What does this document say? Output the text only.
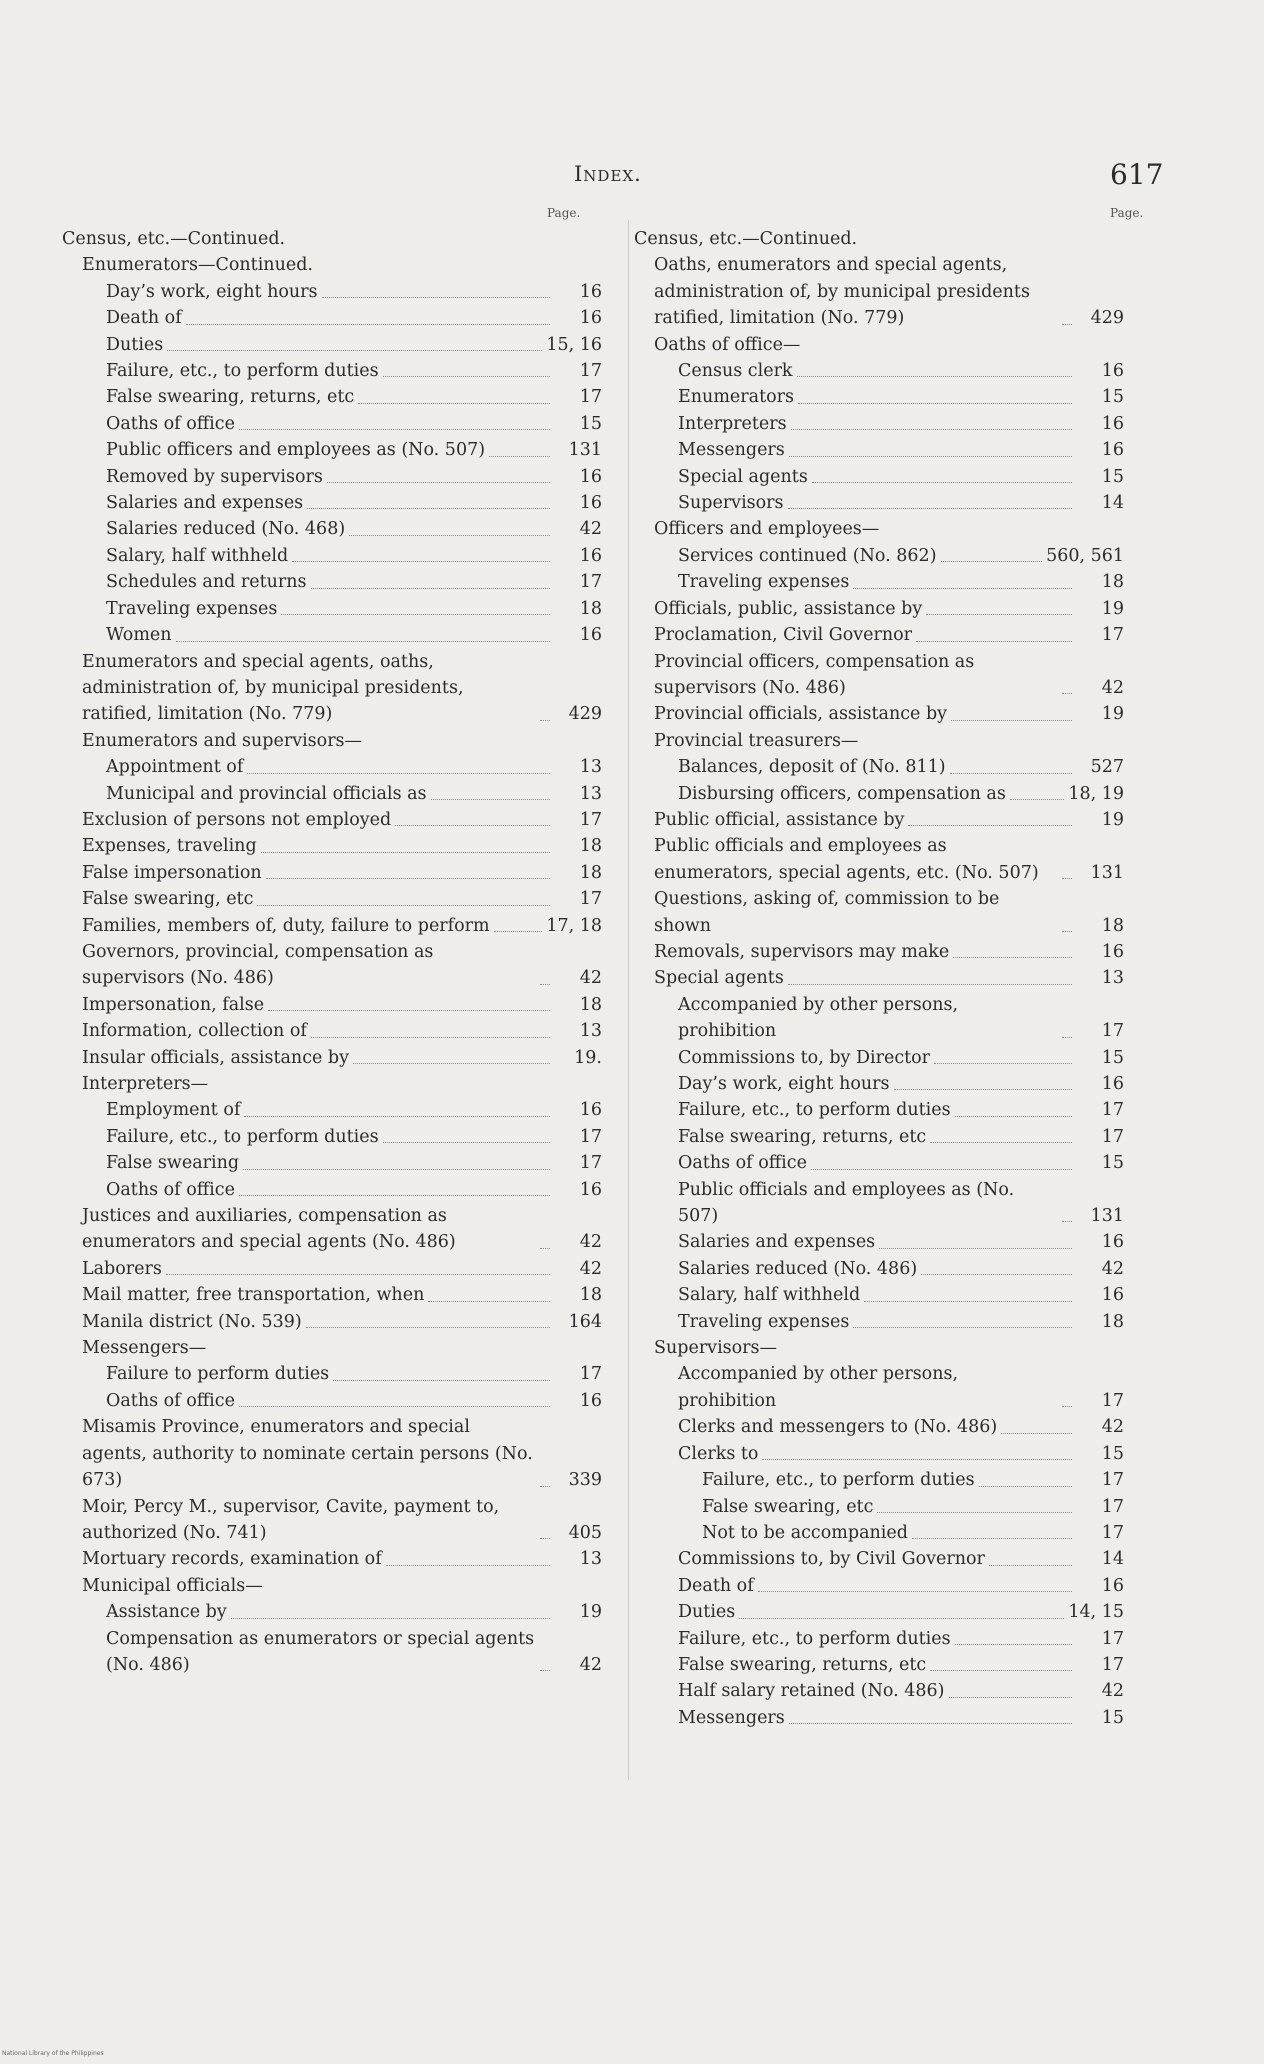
Index.	617
Page.
Census, etc.—Continued.
Enumerators—Continued.
Day’s work, eight hours	16
Death of	16
Duties	15, 16
Failure, etc., to perform duties	17
False swearing, returns, etc	17
Oaths of office	15
Public officers and employees as (No. 507)	131
Removed by supervisors	16
Salaries and expenses	16
Salaries reduced (No. 468)	42
Salary, half withheld	16
Schedules and returns	17
Traveling expenses	18
Women	16
Enumerators and special agents, oaths, administration of, by municipal presidents, ratified, limitation (No. 779)	429
Enumerators and supervisors—
Appointment of	13
Municipal and provincial officials as	13
Exclusion of persons not employed	17
Expenses, traveling	18
False impersonation	18
False swearing, etc	17
Families, members of, duty, failure to perform	17, 18
Governors, provincial, compensation as supervisors (No. 486)	42
Impersonation, false	18
Information, collection of	13
Insular officials, assistance by	19.
Interpreters—
Employment of	16
Failure, etc., to perform duties	17
False swearing	17
Oaths of office	16
Justices and auxiliaries, compensation as enumerators and special agents (No. 486)	42
Laborers	42
Mail matter, free transportation, when	18
Manila district (No. 539)	164
Messengers—
Failure to perform duties	17
Oaths of office	16
Misamis Province, enumerators and special agents, authority to nominate certain persons (No. 673)	339
Moir, Percy M., supervisor, Cavite, payment to, authorized (No. 741)	405
Mortuary records, examination of	13
Municipal officials—
Assistance by	19
Compensation as enumerators or special agents (No. 486)	42
Page.
Census, etc.—Continued.
Oaths, enumerators and special agents, administration of, by municipal presidents ratified, limitation (No. 779)	429
Oaths of office—
Census clerk	16
Enumerators	15
Interpreters	16
Messengers	16
Special agents	15
Supervisors	14
Officers and employees—
Services continued (No. 862)	560, 561
Traveling expenses	18
Officials, public, assistance by	19
Proclamation, Civil Governor	17
Provincial officers, compensation as supervisors (No. 486)	42
Provincial officials, assistance by	19
Provincial treasurers—
Balances, deposit of (No. 811)	527
Disbursing officers, compensation as	18, 19
Public official, assistance by	19
Public officials and employees as enumerators, special agents, etc. (No. 507)	131
Questions, asking of, commission to be shown	18
Removals, supervisors may make	16
Special agents	13
Accompanied by other persons, prohibition	17
Commissions to, by Director	15
Day’s work, eight hours	16
Failure, etc., to perform duties	17
False swearing, returns, etc	17
Oaths of office	15
Public officials and employees as (No. 507)	131
Salaries and expenses	16
Salaries reduced (No. 486)	42
Salary, half withheld	16
Traveling expenses	18
Supervisors—
Accompanied by other persons, prohibition	17
Clerks and messengers to (No. 486)	42
Clerks to	15
Failure, etc., to perform duties	17
False swearing, etc	17
Not to be accompanied	17
Commissions to, by Civil Governor	14
Death of	16
Duties	14, 15
Failure, etc., to perform duties	17
False swearing, returns, etc	17
Half salary retained (No. 486)	42
Messengers	15
National Library of the Philippines
